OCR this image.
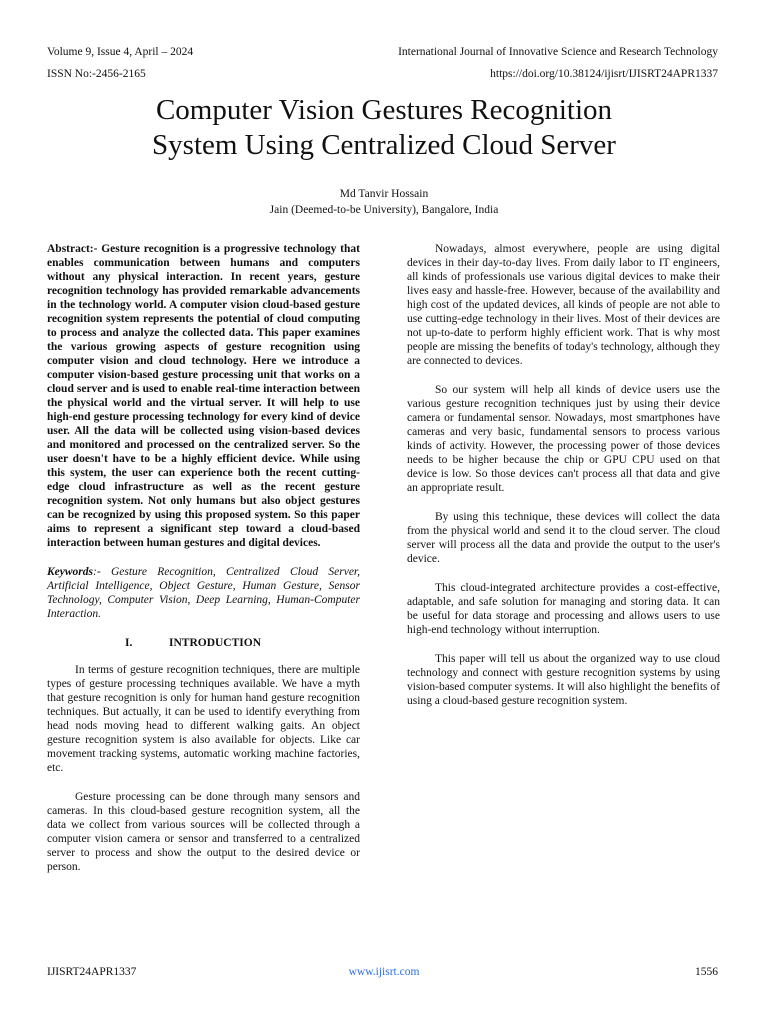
Volume 9, Issue 4, April – 2024
ISSN No:-2456-2165
International Journal of Innovative Science and Research Technology
https://doi.org/10.38124/ijisrt/IJISRT24APR1337
Computer Vision Gestures Recognition
System Using Centralized Cloud Server
Md Tanvir Hossain
Jain (Deemed-to-be University), Bangalore, India

Abstract:- Gesture recognition is a progressive technology that enables communication between humans and computers without any physical interaction. In recent years, gesture recognition technology has provided remarkable advancements in the technology world. A computer vision cloud-based gesture recognition system represents the potential of cloud computing to process and analyze the collected data. This paper examines the various growing aspects of gesture recognition using computer vision and cloud technology. Here we introduce a computer vision-based gesture processing unit that works on a cloud server and is used to enable real-time interaction between the physical world and the virtual server. It will help to use high-end gesture processing technology for every kind of device user. All the data will be collected using vision-based devices and monitored and processed on the centralized server. So the user doesn't have to be a highly efficient device. While using this system, the user can experience both the recent cutting-edge cloud infrastructure as well as the recent gesture recognition system. Not only humans but also object gestures can be recognized by using this proposed system. So this paper aims to represent a significant step toward a cloud-based interaction between human gestures and digital devices.

Keywords:- Gesture Recognition, Centralized Cloud Server, Artificial Intelligence, Object Gesture, Human Gesture, Sensor Technology, Computer Vision, Deep Learning, Human-Computer Interaction.

I.	INTRODUCTION

In terms of gesture recognition techniques, there are multiple types of gesture processing techniques available. We have a myth that gesture recognition is only for human hand gesture recognition techniques. But actually, it can be used to identify everything from head nods moving head to different walking gaits. An object gesture recognition system is also available for objects. Like car movement tracking systems, automatic working machine factories, etc.

Gesture processing can be done through many sensors and cameras. In this cloud-based gesture recognition system, all the data we collect from various sources will be collected through a computer vision camera or sensor and transferred to a centralized server to process and show the output to the desired device or person.

Nowadays, almost everywhere, people are using digital devices in their day-to-day lives. From daily labor to IT engineers, all kinds of professionals use various digital devices to make their lives easy and hassle-free. However, because of the availability and high cost of the updated devices, all kinds of people are not able to use cutting-edge technology in their lives. Most of their devices are not up-to-date to perform highly efficient work. That is why most people are missing the benefits of today's technology, although they are connected to devices.

So our system will help all kinds of device users use the various gesture recognition techniques just by using their device camera or fundamental sensor. Nowadays, most smartphones have cameras and very basic, fundamental sensors to process various kinds of activity. However, the processing power of those devices needs to be higher because the chip or GPU CPU used on that device is low. So those devices can't process all that data and give an appropriate result.

By using this technique, these devices will collect the data from the physical world and send it to the cloud server. The cloud server will process all the data and provide the output to the user's device.

This cloud-integrated architecture provides a cost-effective, adaptable, and safe solution for managing and storing data. It can be useful for data storage and processing and allows users to use high-end technology without interruption.

This paper will tell us about the organized way to use cloud technology and connect with gesture recognition systems by using vision-based computer systems. It will also highlight the benefits of using a cloud-based gesture recognition system.

IJISRT24APR1337	www.ijisrt.com	1556
